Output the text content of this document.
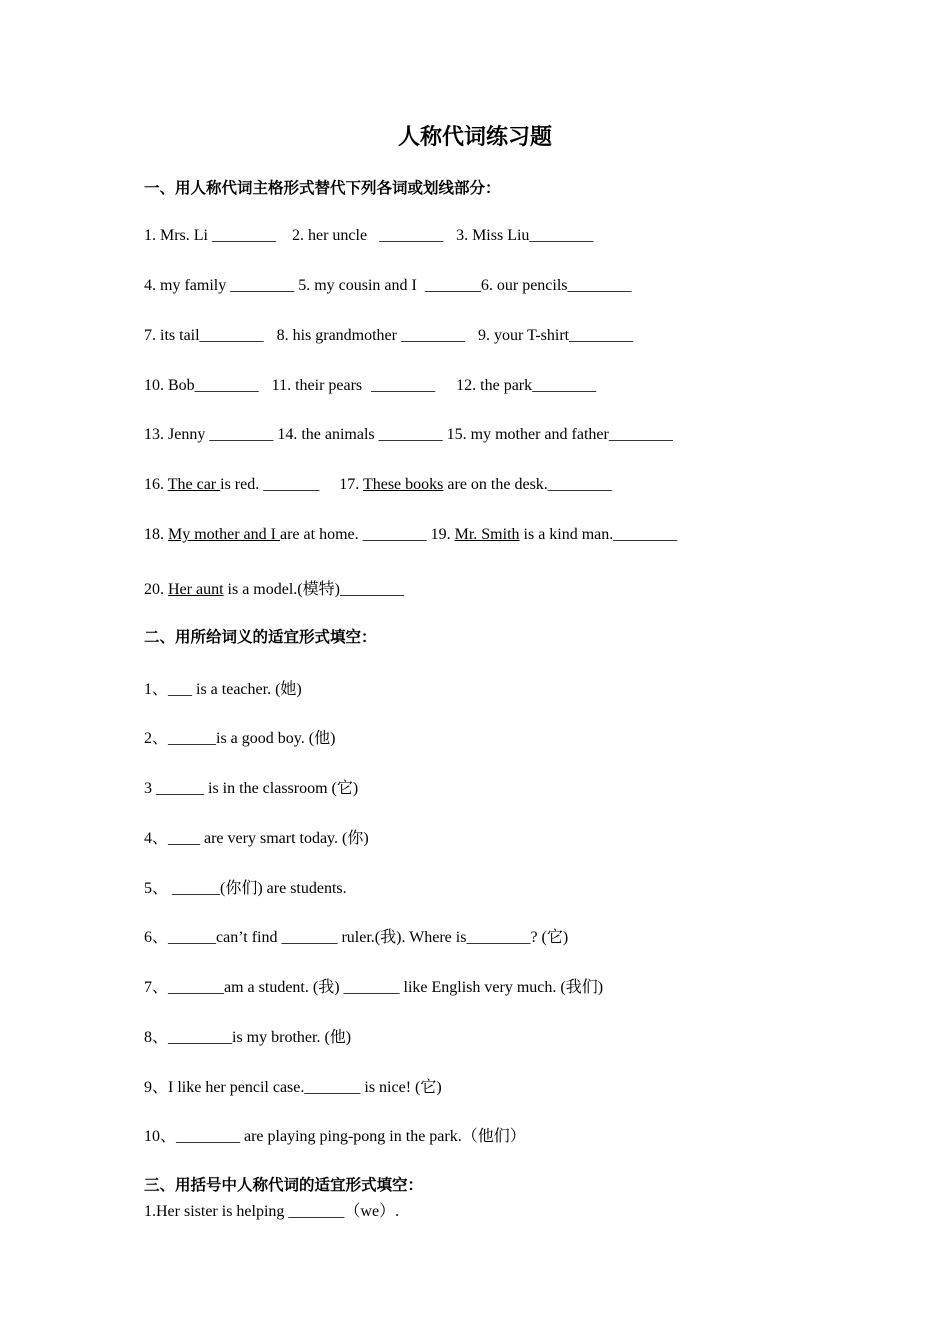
人称代词练习题
一、用人称代词主格形式替代下列各词或划线部分：
1. Mrs. Li ________ 2. her uncle ________ 3. Miss Liu________
4. my family ________ 5. my cousin and I _______6. our pencils________
7. its tail________ 8. his grandmother ________ 9. your T-shirt________
10. Bob________ 11. their pears ________ 12. the park________
13. Jenny ________ 14. the animals ________ 15. my mother and father________
16. The car is red. _______ 17. These books are on the desk.________
18. My mother and I are at home. ________ 19. Mr. Smith is a kind man.________
20. Her aunt is a model.(模特)________
二、用所给词义的适宜形式填空：
1、___ is a teacher. (她)
2、______is a good boy. (他)
3 ______ is in the classroom (它)
4、____ are very smart today. (你)
5、 ______(你们) are students.
6、______can’t find _______ ruler.(我). Where is________? (它)
7、_______am a student. (我) _______ like English very much. (我们)
8、________is my brother. (他)
9、I like her pencil case._______ is nice! (它)
10、________ are playing ping-pong in the park.（他们）
三、用括号中人称代词的适宜形式填空：
1.Her sister is helping _______（we）.
